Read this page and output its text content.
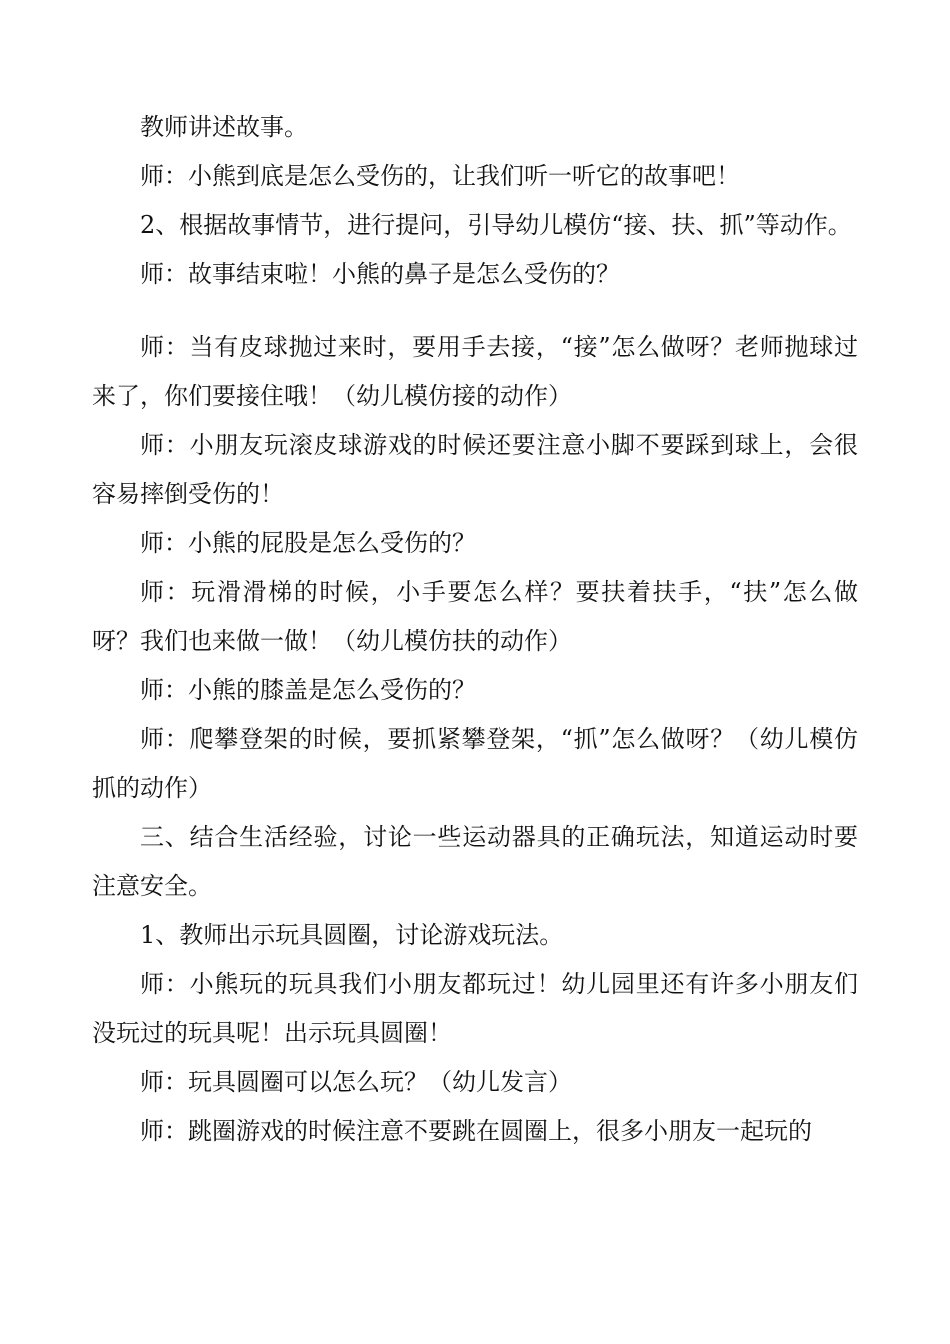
教师讲述故事。

师：小熊到底是怎么受伤的，让我们听一听它的故事吧！

2、根据故事情节，进行提问，引导幼儿模仿“接、扶、抓”等动作。

师：故事结束啦！小熊的鼻子是怎么受伤的？

师：当有皮球抛过来时，要用手去接，“接”怎么做呀？老师抛球过来了，你们要接住哦！（幼儿模仿接的动作）

师：小朋友玩滚皮球游戏的时候还要注意小脚不要踩到球上，会很容易摔倒受伤的！

师：小熊的屁股是怎么受伤的？

师：玩滑滑梯的时候，小手要怎么样？要扶着扶手，“扶”怎么做呀？我们也来做一做！（幼儿模仿扶的动作）

师：小熊的膝盖是怎么受伤的？

师：爬攀登架的时候，要抓紧攀登架，“抓”怎么做呀？（幼儿模仿抓的动作）

三、结合生活经验，讨论一些运动器具的正确玩法，知道运动时要注意安全。

1、教师出示玩具圆圈，讨论游戏玩法。

师：小熊玩的玩具我们小朋友都玩过！幼儿园里还有许多小朋友们没玩过的玩具呢！出示玩具圆圈！

师：玩具圆圈可以怎么玩？（幼儿发言）

师：跳圈游戏的时候注意不要跳在圆圈上，很多小朋友一起玩的
